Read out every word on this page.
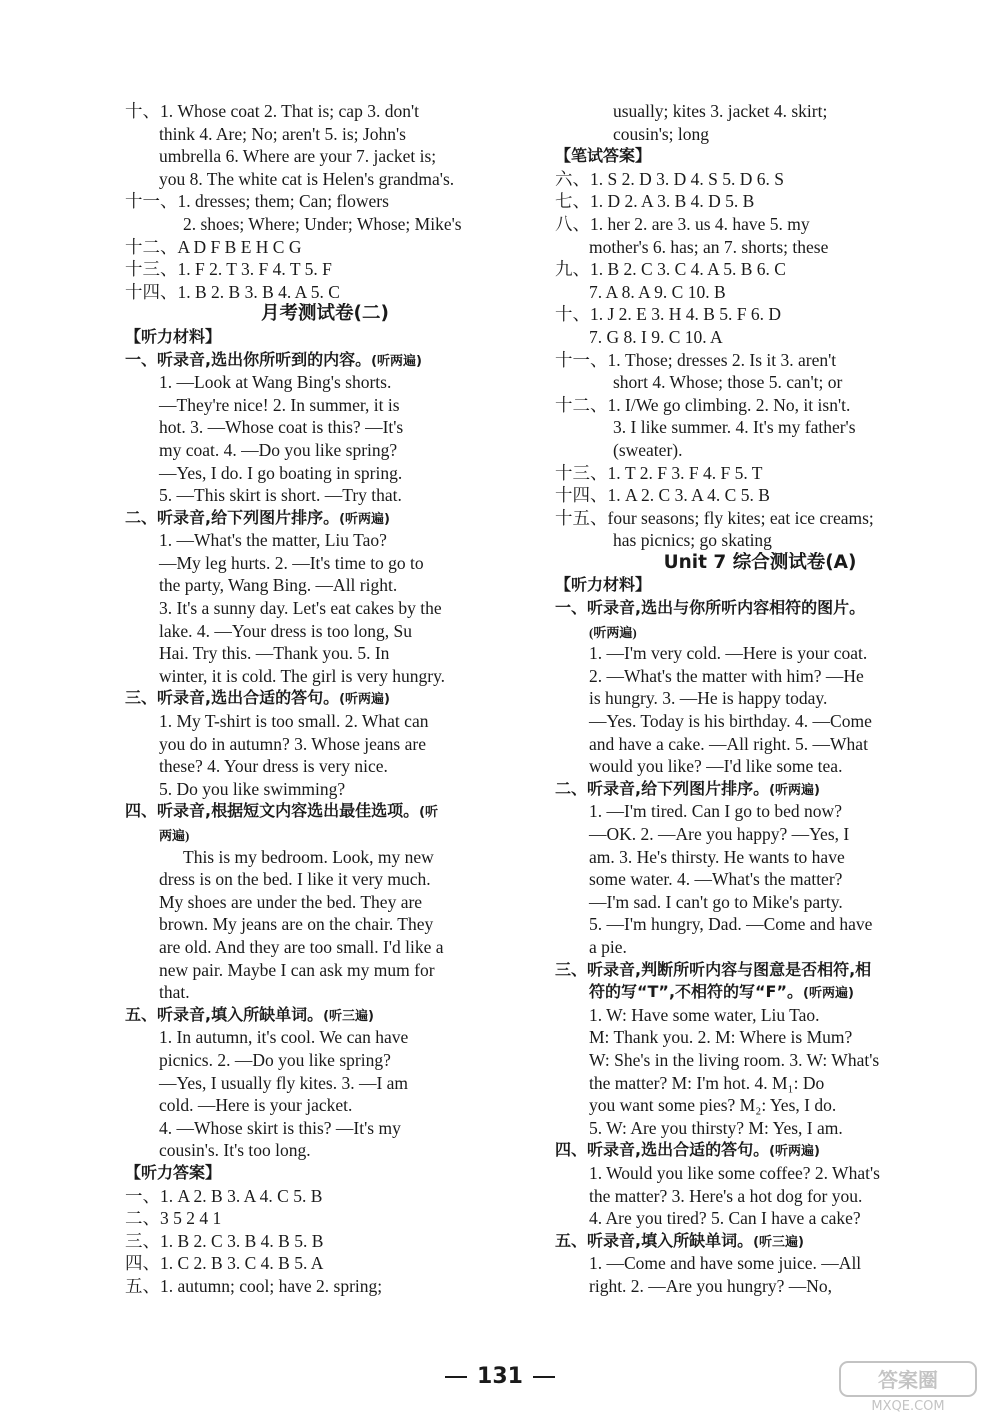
十、1. Whose coat 2. That is; cap 3. don't
think 4. Are; No; aren't 5. is; John's
umbrella 6. Where are your 7. jacket is;
you 8. The white cat is Helen's grandma's.
十一、1. dresses; them; Can; flowers
2. shoes; Where; Under; Whose; Mike's
十二、A D F B E H C G
十三、1. F 2. T 3. F 4. T 5. F
十四、1. B 2. B 3. B 4. A 5. C
月考测试卷(二)
【听力材料】
一、听录音,选出你所听到的内容。(听两遍)
1. —Look at Wang Bing's shorts.
—They're nice! 2. In summer, it is
hot. 3. —Whose coat is this? —It's
my coat. 4. —Do you like spring?
—Yes, I do. I go boating in spring.
5. —This skirt is short. —Try that.
二、听录音,给下列图片排序。(听两遍)
1. —What's the matter, Liu Tao?
—My leg hurts. 2. —It's time to go to
the party, Wang Bing. —All right.
3. It's a sunny day. Let's eat cakes by the
lake. 4. —Your dress is too long, Su
Hai. Try this. —Thank you. 5. In
winter, it is cold. The girl is very hungry.
三、听录音,选出合适的答句。(听两遍)
1. My T-shirt is too small. 2. What can
you do in autumn? 3. Whose jeans are
these? 4. Your dress is very nice.
5. Do you like swimming?
四、听录音,根据短文内容选出最佳选项。(听
两遍)
This is my bedroom. Look, my new
dress is on the bed. I like it very much.
My shoes are under the bed. They are
brown. My jeans are on the chair. They
are old. And they are too small. I'd like a
new pair. Maybe I can ask my mum for
that.
五、听录音,填入所缺单词。(听三遍)
1. In autumn, it's cool. We can have
picnics. 2. —Do you like spring?
—Yes, I usually fly kites. 3. —I am
cold. —Here is your jacket.
4. —Whose skirt is this? —It's my
cousin's. It's too long.
【听力答案】
一、1. A 2. B 3. A 4. C 5. B
二、3 5 2 4 1
三、1. B 2. C 3. B 4. B 5. B
四、1. C 2. B 3. C 4. B 5. A
五、1. autumn; cool; have 2. spring;
usually; kites 3. jacket 4. skirt;
cousin's; long
【笔试答案】
六、1. S 2. D 3. D 4. S 5. D 6. S
七、1. D 2. A 3. B 4. D 5. B
八、1. her 2. are 3. us 4. have 5. my
mother's 6. has; an 7. shorts; these
九、1. B 2. C 3. C 4. A 5. B 6. C
7. A 8. A 9. C 10. B
十、1. J 2. E 3. H 4. B 5. F 6. D
7. G 8. I 9. C 10. A
十一、1. Those; dresses 2. Is it 3. aren't
short 4. Whose; those 5. can't; or
十二、1. I/We go climbing. 2. No, it isn't.
3. I like summer. 4. It's my father's
(sweater).
十三、1. T 2. F 3. F 4. F 5. T
十四、1. A 2. C 3. A 4. C 5. B
十五、four seasons; fly kites; eat ice creams;
has picnics; go skating
Unit 7 综合测试卷(A)
【听力材料】
一、听录音,选出与你所听内容相符的图片。
(听两遍)
1. —I'm very cold. —Here is your coat.
2. —What's the matter with him? —He
is hungry. 3. —He is happy today.
—Yes. Today is his birthday. 4. —Come
and have a cake. —All right. 5. —What
would you like? —I'd like some tea.
二、听录音,给下列图片排序。(听两遍)
1. —I'm tired. Can I go to bed now?
—OK. 2. —Are you happy? —Yes, I
am. 3. He's thirsty. He wants to have
some water. 4. —What's the matter?
—I'm sad. I can't go to Mike's party.
5. —I'm hungry, Dad. —Come and have
a pie.
三、听录音,判断所听内容与图意是否相符,相
符的写“T”,不相符的写“F”。(听两遍)
1. W: Have some water, Liu Tao.
M: Thank you. 2. M: Where is Mum?
W: She's in the living room. 3. W: What's
the matter? M: I'm hot. 4. M₁: Do
you want some pies? M₂: Yes, I do.
5. W: Are you thirsty? M: Yes, I am.
四、听录音,选出合适的答句。(听两遍)
1. Would you like some coffee? 2. What's
the matter? 3. Here's a hot dog for you.
4. Are you tired? 5. Can I have a cake?
五、听录音,填入所缺单词。(听三遍)
1. —Come and have some juice. —All
right. 2. —Are you hungry? —No,
131	答案圈
MXQE.COM
